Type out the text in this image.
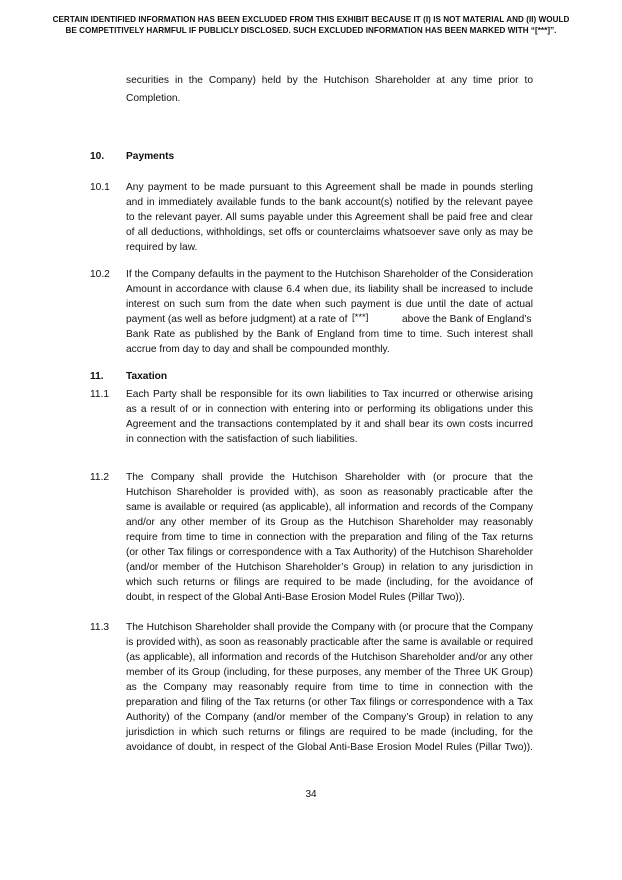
CERTAIN IDENTIFIED INFORMATION HAS BEEN EXCLUDED FROM THIS EXHIBIT BECAUSE IT (I) IS NOT MATERIAL AND (II) WOULD
BE COMPETITIVELY HARMFUL IF PUBLICLY DISCLOSED. SUCH EXCLUDED INFORMATION HAS BEEN MARKED WITH “[***]”.
securities in the Company) held by the Hutchison Shareholder at any time prior to
Completion.
10. Payments
10.1 Any payment to be made pursuant to this Agreement shall be made in pounds sterling
and in immediately available funds to the bank account(s) notified by the relevant payee
to the relevant payer. All sums payable under this Agreement shall be paid free and clear
of all deductions, withholdings, set offs or counterclaims whatsoever save only as may be
required by law.
10.2 If the Company defaults in the payment to the Hutchison Shareholder of the Consideration
Amount in accordance with clause 6.4 when due, its liability shall be increased to include
interest on such sum from the date when such payment is due until the date of actual
payment (as well as before judgment) at a rate of [***]	above the Bank of England’s
Bank Rate as published by the Bank of England from time to time. Such interest shall
accrue from day to day and shall be compounded monthly.
11. Taxation
11.1 Each Party shall be responsible for its own liabilities to Tax incurred or otherwise arising
as a result of or in connection with entering into or performing its obligations under this
Agreement and the transactions contemplated by it and shall bear its own costs incurred
in connection with the satisfaction of such liabilities.
11.2 The Company shall provide the Hutchison Shareholder with (or procure that the
Hutchison Shareholder is provided with), as soon as reasonably practicable after the
same is available or required (as applicable), all information and records of the Company
and/or any other member of its Group as the Hutchison Shareholder may reasonably
require from time to time in connection with the preparation and filing of the Tax returns
(or other Tax filings or correspondence with a Tax Authority) of the Hutchison Shareholder
(and/or member of the Hutchison Shareholder’s Group) in relation to any jurisdiction in
which such returns or filings are required to be made (including, for the avoidance of
doubt, in respect of the Global Anti-Base Erosion Model Rules (Pillar Two)).
11.3 The Hutchison Shareholder shall provide the Company with (or procure that the Company
is provided with), as soon as reasonably practicable after the same is available or required
(as applicable), all information and records of the Hutchison Shareholder and/or any other
member of its Group (including, for these purposes, any member of the Three UK Group)
as the Company may reasonably require from time to time in connection with the
preparation and filing of the Tax returns (or other Tax filings or correspondence with a Tax
Authority) of the Company (and/or member of the Company’s Group) in relation to any
jurisdiction in which such returns or filings are required to be made (including, for the
avoidance of doubt, in respect of the Global Anti-Base Erosion Model Rules (Pillar Two)).
34
